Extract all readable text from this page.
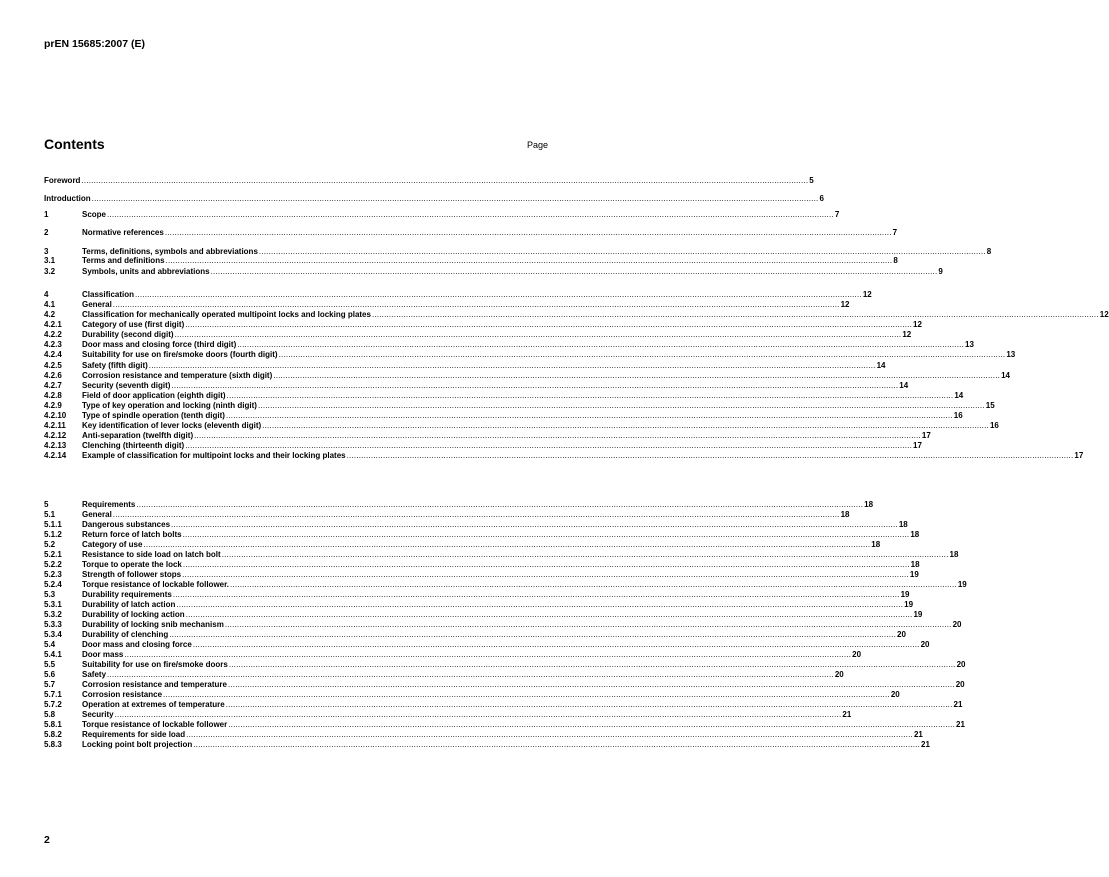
prEN 15685:2007 (E)
Contents	Page
Foreword ............................................................................................................................................................................................................................................................................................................ 5
Introduction ............................................................................................................................................................................................................................................................................................................ 6
1	Scope ............................................................................................................................................................................................................................................................................................................ 7
2	Normative references ............................................................................................................................................................................................................................................................................................................ 7
3	Terms, definitions, symbols and abbreviations ............................................................................................................................................................................................................................................................................................................ 8
3.1	Terms and definitions ............................................................................................................................................................................................................................................................................................................ 8
3.2	Symbols, units and abbreviations ............................................................................................................................................................................................................................................................................................................ 9
4	Classification ............................................................................................................................................................................................................................................................................................................ 12
4.1	General ............................................................................................................................................................................................................................................................................................................ 12
4.2	Classification for mechanically operated multipoint locks and locking plates ............................................................................................................................................................................................................................................................................................................ 12
4.2.1	Category of use (first digit) ............................................................................................................................................................................................................................................................................................................ 12
4.2.2	Durability (second digit) ............................................................................................................................................................................................................................................................................................................ 12
4.2.3	Door mass and closing force (third digit) ............................................................................................................................................................................................................................................................................................................ 13
4.2.4	Suitability for use on fire/smoke doors (fourth digit) ............................................................................................................................................................................................................................................................................................................ 13
4.2.5	Safety (fifth digit) ............................................................................................................................................................................................................................................................................................................ 14
4.2.6	Corrosion resistance and temperature (sixth digit) ............................................................................................................................................................................................................................................................................................................ 14
4.2.7	Security (seventh digit) ............................................................................................................................................................................................................................................................................................................ 14
4.2.8	Field of door application (eighth digit) ............................................................................................................................................................................................................................................................................................................ 14
4.2.9	Type of key operation and locking (ninth digit) ............................................................................................................................................................................................................................................................................................................ 15
4.2.10	Type of spindle operation (tenth digit) ............................................................................................................................................................................................................................................................................................................ 16
4.2.11	Key identification of lever locks (eleventh digit) ............................................................................................................................................................................................................................................................................................................ 16
4.2.12	Anti-separation (twelfth digit) ............................................................................................................................................................................................................................................................................................................ 17
4.2.13	Clenching (thirteenth digit) ............................................................................................................................................................................................................................................................................................................ 17
4.2.14	Example of classification for multipoint locks and their locking plates ............................................................................................................................................................................................................................................................................................................ 17
5	Requirements ............................................................................................................................................................................................................................................................................................................ 18
5.1	General ............................................................................................................................................................................................................................................................................................................ 18
5.1.1	Dangerous substances ............................................................................................................................................................................................................................................................................................................ 18
5.1.2	Return force of latch bolts ............................................................................................................................................................................................................................................................................................................ 18
5.2	Category of use ............................................................................................................................................................................................................................................................................................................ 18
5.2.1	Resistance to side load on latch bolt ............................................................................................................................................................................................................................................................................................................ 18
5.2.2	Torque to operate the lock ............................................................................................................................................................................................................................................................................................................ 18
5.2.3	Strength of follower stops ............................................................................................................................................................................................................................................................................................................ 19
5.2.4	Torque resistance of lockable follower. ............................................................................................................................................................................................................................................................................................................ 19
5.3	Durability requirements ............................................................................................................................................................................................................................................................................................................ 19
5.3.1	Durability of latch action ............................................................................................................................................................................................................................................................................................................ 19
5.3.2	Durability of locking action ............................................................................................................................................................................................................................................................................................................ 19
5.3.3	Durability of locking snib mechanism ............................................................................................................................................................................................................................................................................................................ 20
5.3.4	Durability of clenching ............................................................................................................................................................................................................................................................................................................ 20
5.4	Door mass and closing force ............................................................................................................................................................................................................................................................................................................ 20
5.4.1	Door mass ............................................................................................................................................................................................................................................................................................................ 20
5.5	Suitability for use on fire/smoke doors ............................................................................................................................................................................................................................................................................................................ 20
5.6	Safety ............................................................................................................................................................................................................................................................................................................ 20
5.7	Corrosion resistance and temperature ............................................................................................................................................................................................................................................................................................................ 20
5.7.1	Corrosion resistance ............................................................................................................................................................................................................................................................................................................ 20
5.7.2	Operation at extremes of temperature ............................................................................................................................................................................................................................................................................................................ 21
5.8	Security ............................................................................................................................................................................................................................................................................................................ 21
5.8.1	Torque resistance of lockable follower ............................................................................................................................................................................................................................................................................................................ 21
5.8.2	Requirements for side load ............................................................................................................................................................................................................................................................................................................ 21
5.8.3	Locking point bolt projection ............................................................................................................................................................................................................................................................................................................ 21
2
